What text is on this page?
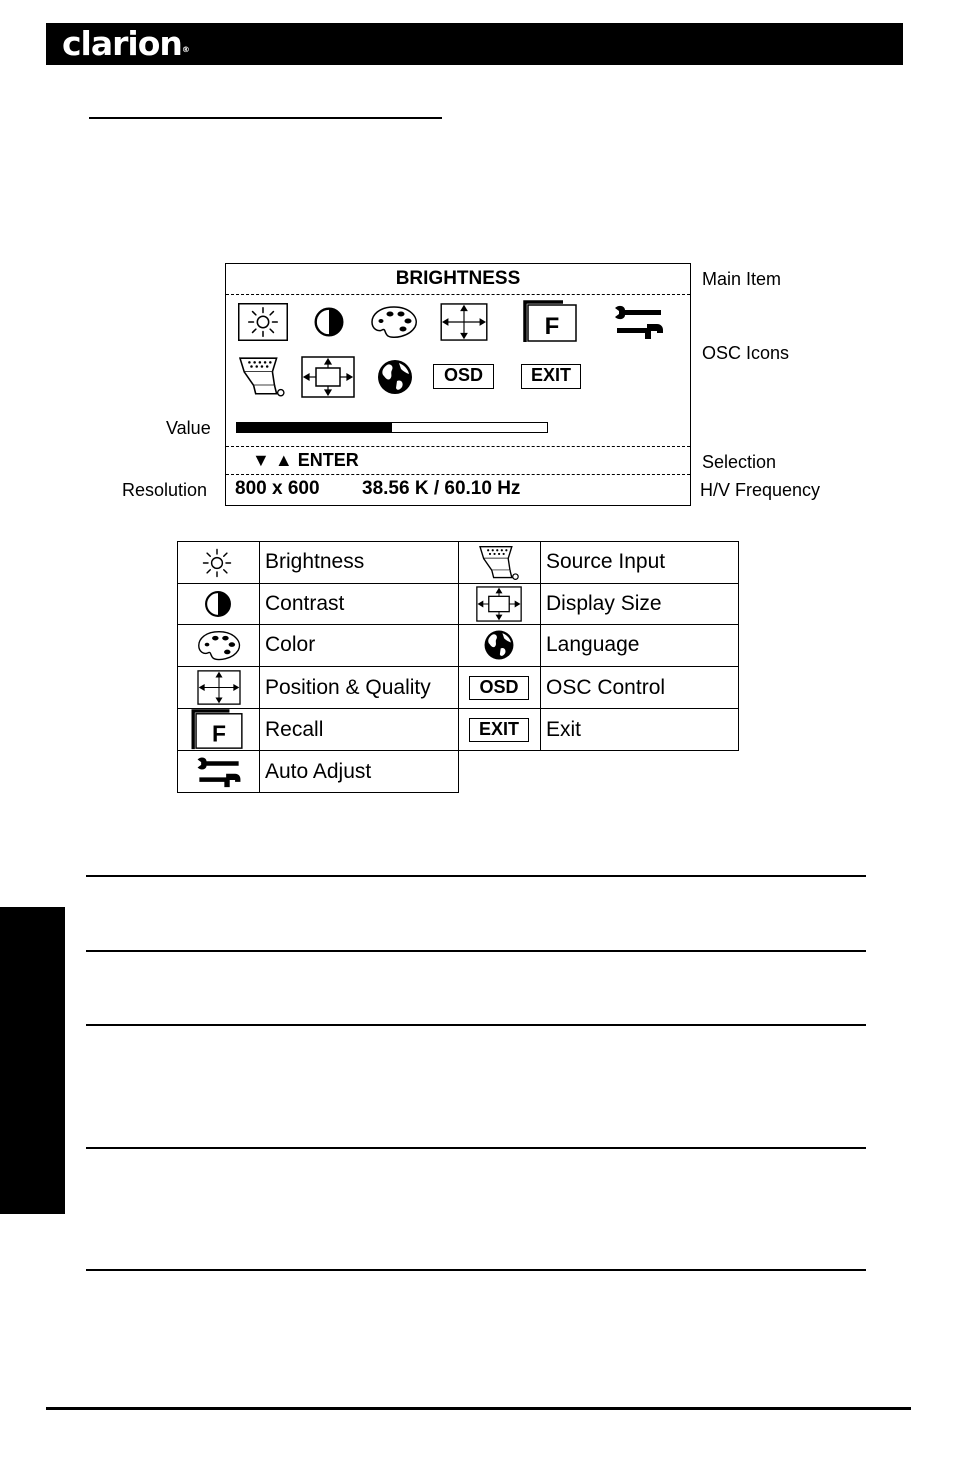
clarion®
BRIGHTNESS
OSD	EXIT
▼ ▲ ENTER
800 x 600 38.56 K / 60.10 Hz
Main Item
OSC Icons
Value
Selection
Resolution	H/V Frequency
OSD
EXIT
Brightness
Contrast
Color
Position & Quality
Recall
Auto Adjust
Source Input
Display Size
Language
OSC Control
Exit
